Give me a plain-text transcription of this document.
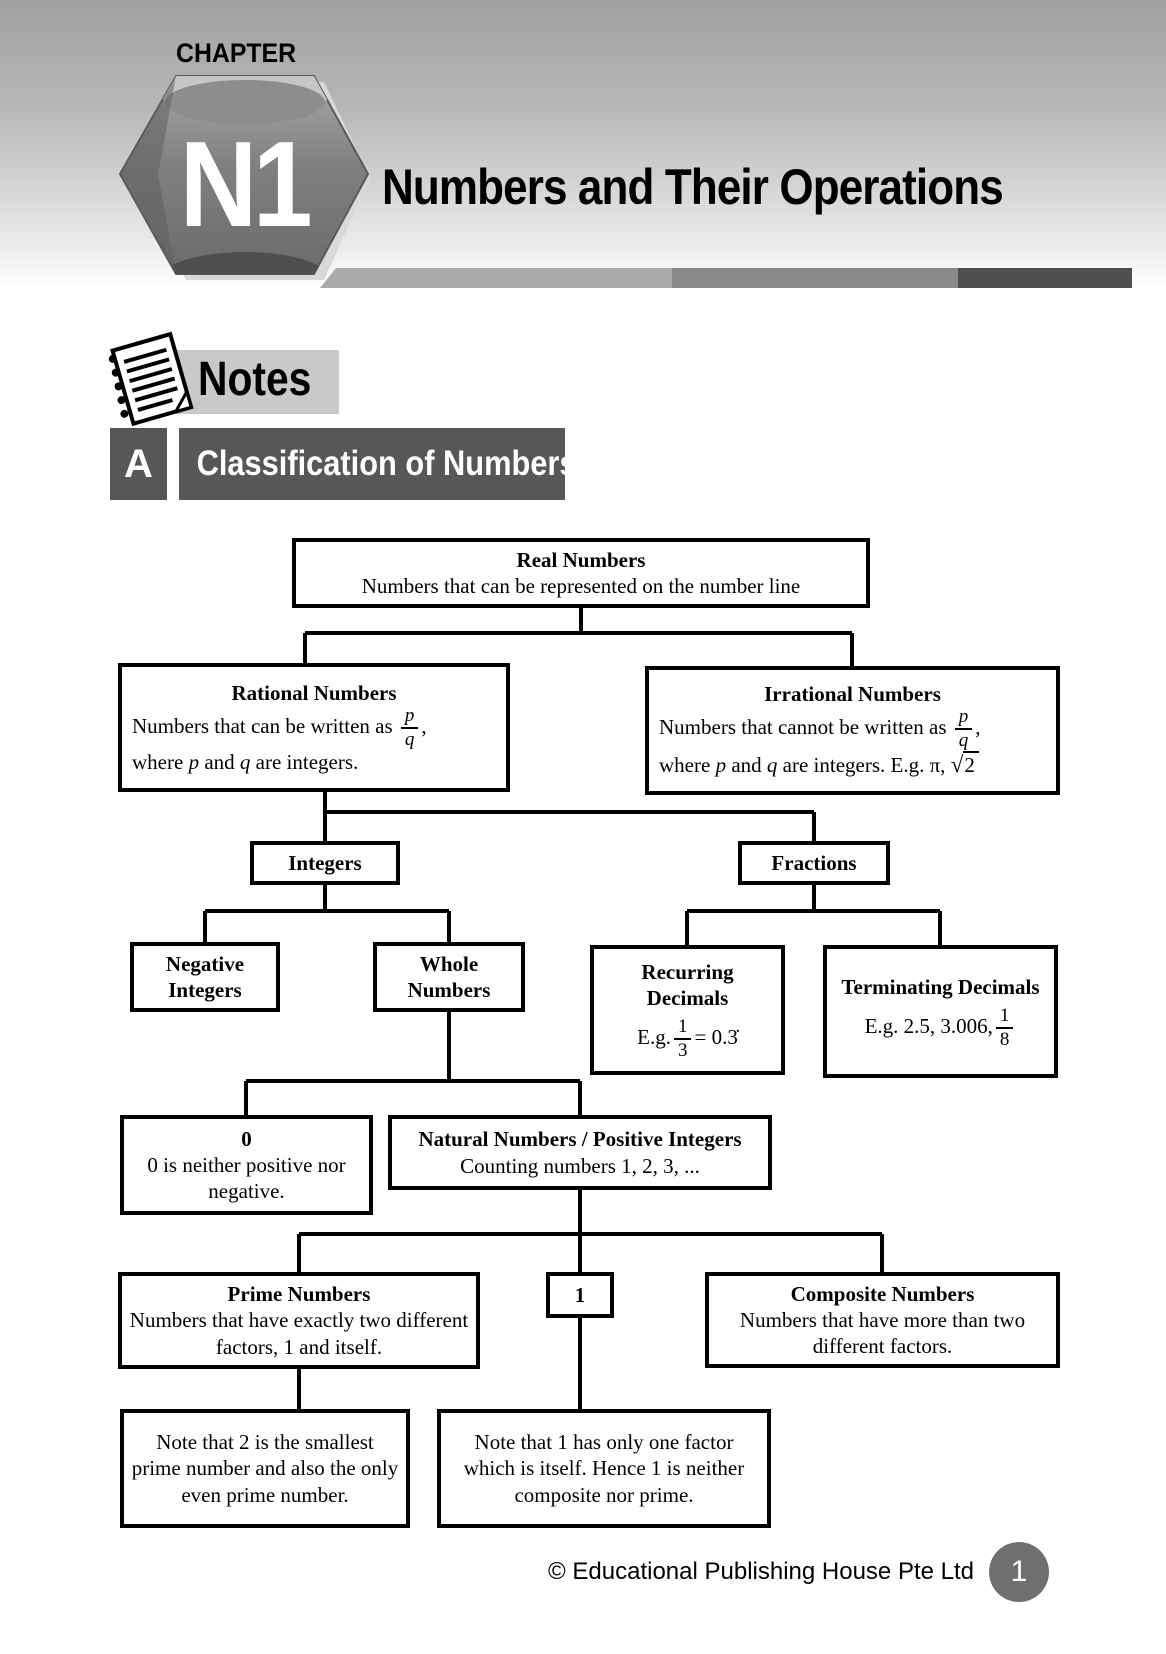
CHAPTER
N1	Numbers and Their Operations
Notes
A	Classification of Numbers
Real Numbers
Numbers that can be represented on the number line
Rational Numbers
Numbers that can be written as $\frac{p}{q}$ ,
where p and q are integers.
Irrational Numbers
Numbers that cannot be written as $\frac{p}{q}$ ,
where p and q are integers. E.g. π, √2
Integers	Fractions
Negative Integers
Whole Numbers
Recurring Decimals
E.g. $\frac{1}{3}$ = 0.3̇
Terminating Decimals
E.g. 2.5, 3.006, $\frac{1}{8}$
0
0 is neither positive nor negative.
Natural Numbers / Positive Integers
Counting numbers 1, 2, 3, ...
Prime Numbers
Numbers that have exactly two different factors, 1 and itself.
1	Composite Numbers
Numbers that have more than two different factors.
Note that 2 is the smallest prime number and also the only even prime number.
Note that 1 has only one factor which is itself. Hence 1 is neither composite nor prime.
© Educational Publishing House Pte Ltd	1
